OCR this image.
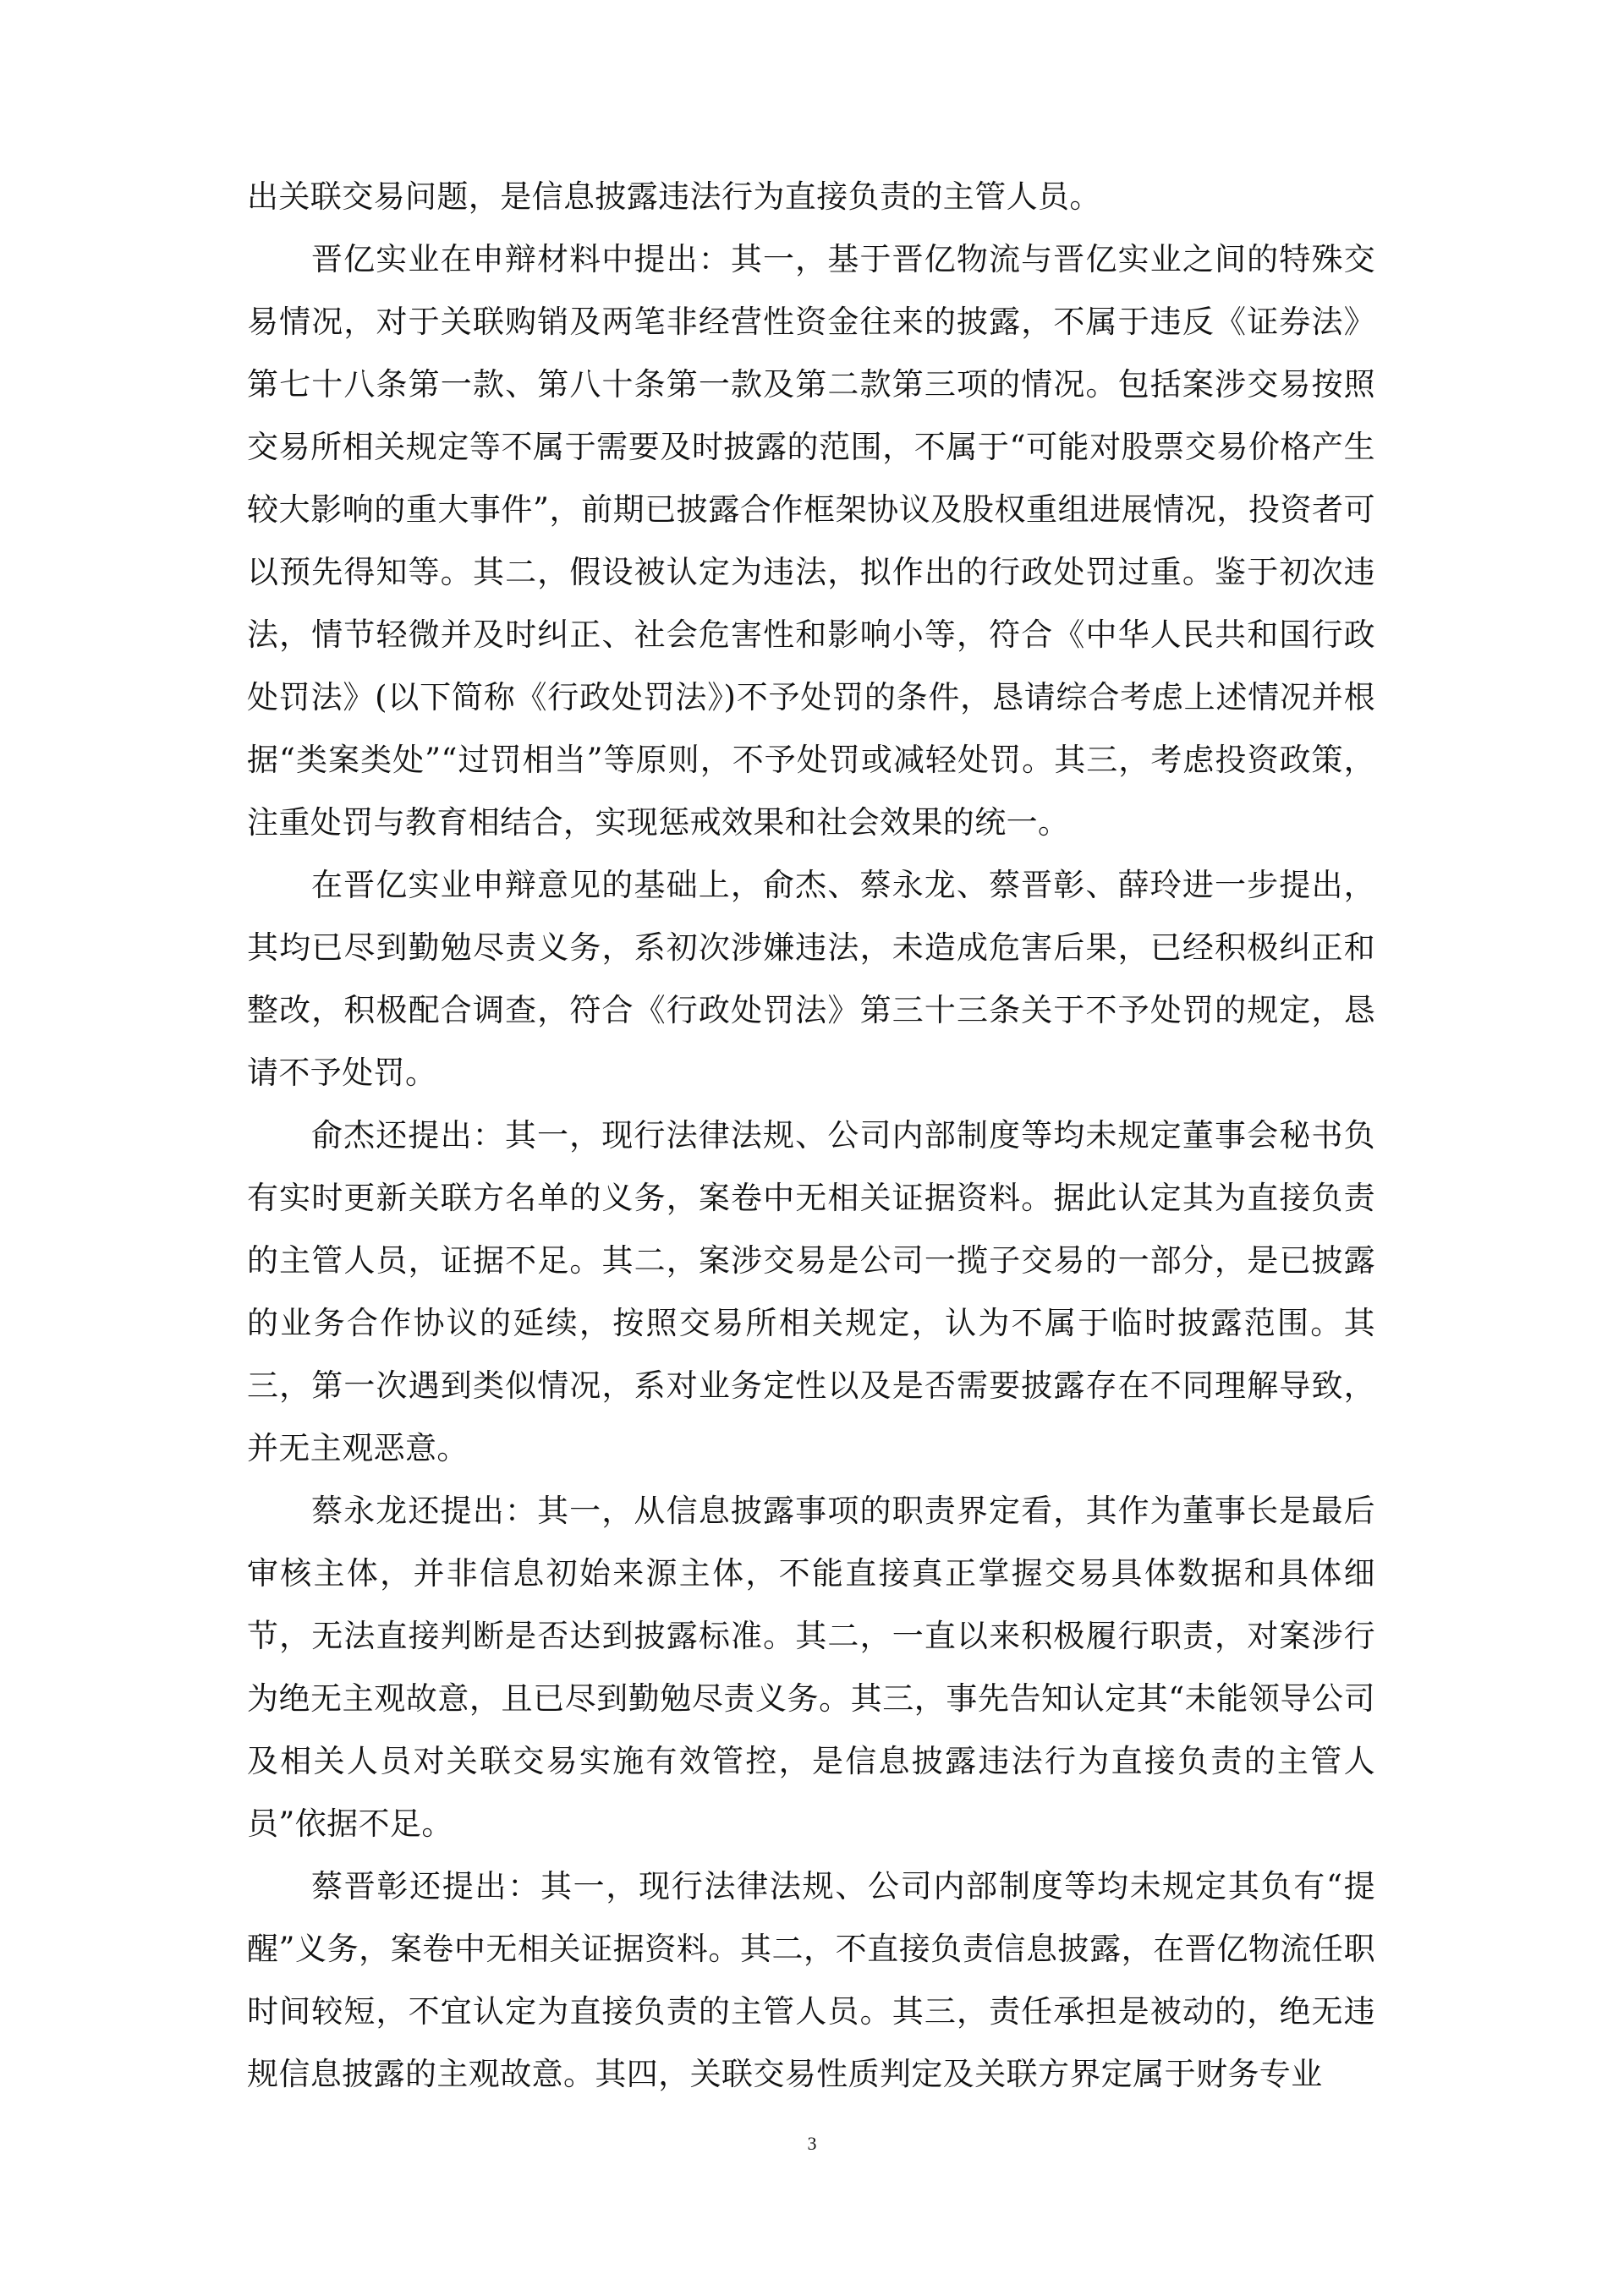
出关联交易问题，是信息披露违法行为直接负责的主管人员。

晋亿实业在申辩材料中提出：其一，基于晋亿物流与晋亿实业之间的特殊交易情况，对于关联购销及两笔非经营性资金往来的披露，不属于违反《证券法》第七十八条第一款、第八十条第一款及第二款第三项的情况。包括案涉交易按照交易所相关规定等不属于需要及时披露的范围，不属于“可能对股票交易价格产生较大影响的重大事件”，前期已披露合作框架协议及股权重组进展情况，投资者可以预先得知等。其二，假设被认定为违法，拟作出的行政处罚过重。鉴于初次违法，情节轻微并及时纠正、社会危害性和影响小等，符合《中华人民共和国行政处罚法》(以下简称《行政处罚法》)不予处罚的条件，恳请综合考虑上述情况并根据“类案类处”“过罚相当”等原则，不予处罚或减轻处罚。其三，考虑投资政策，注重处罚与教育相结合，实现惩戒效果和社会效果的统一。

在晋亿实业申辩意见的基础上，俞杰、蔡永龙、蔡晋彰、薛玲进一步提出，其均已尽到勤勉尽责义务，系初次涉嫌违法，未造成危害后果，已经积极纠正和整改，积极配合调查，符合《行政处罚法》第三十三条关于不予处罚的规定，恳请不予处罚。

俞杰还提出：其一，现行法律法规、公司内部制度等均未规定董事会秘书负有实时更新关联方名单的义务，案卷中无相关证据资料。据此认定其为直接负责的主管人员，证据不足。其二，案涉交易是公司一揽子交易的一部分，是已披露的业务合作协议的延续，按照交易所相关规定，认为不属于临时披露范围。其三，第一次遇到类似情况，系对业务定性以及是否需要披露存在不同理解导致，并无主观恶意。

蔡永龙还提出：其一，从信息披露事项的职责界定看，其作为董事长是最后审核主体，并非信息初始来源主体，不能直接真正掌握交易具体数据和具体细节，无法直接判断是否达到披露标准。其二，一直以来积极履行职责，对案涉行为绝无主观故意，且已尽到勤勉尽责义务。其三，事先告知认定其“未能领导公司及相关人员对关联交易实施有效管控，是信息披露违法行为直接负责的主管人员”依据不足。

蔡晋彰还提出：其一，现行法律法规、公司内部制度等均未规定其负有“提醒”义务，案卷中无相关证据资料。其二，不直接负责信息披露，在晋亿物流任职时间较短，不宜认定为直接负责的主管人员。其三，责任承担是被动的，绝无违规信息披露的主观故意。其四，关联交易性质判定及关联方界定属于财务专业

3
